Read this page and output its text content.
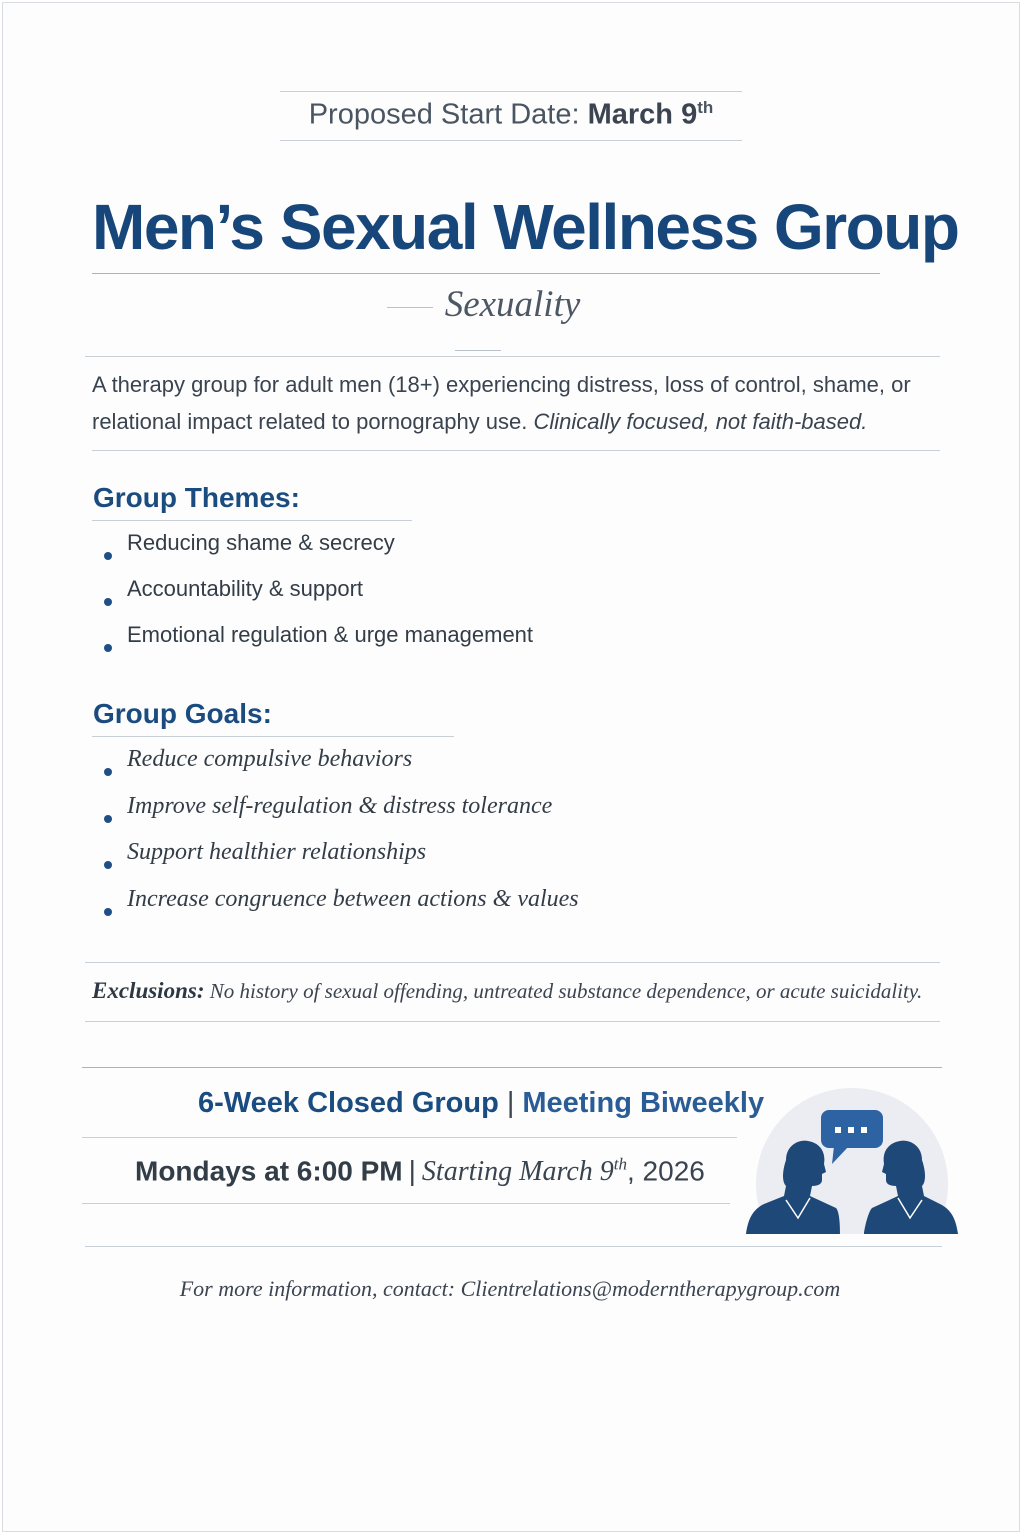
Proposed Start Date: March 9th
Men’s Sexual Wellness Group
Sexuality
A therapy group for adult men (18+) experiencing distress, loss of control, shame, or relational impact related to pornography use. Clinically focused, not faith-based.
Group Themes:
Reducing shame & secrecy
Accountability & support
Emotional regulation & urge management
Group Goals:
Reduce compulsive behaviors
Improve self-regulation & distress tolerance
Support healthier relationships
Increase congruence between actions & values
Exclusions: No history of sexual offending, untreated substance dependence, or acute suicidality.
6-Week Closed Group | Meeting Biweekly
Mondays at 6:00 PM | Starting March 9th, 2026
For more information, contact: Clientrelations@moderntherapygroup.com
